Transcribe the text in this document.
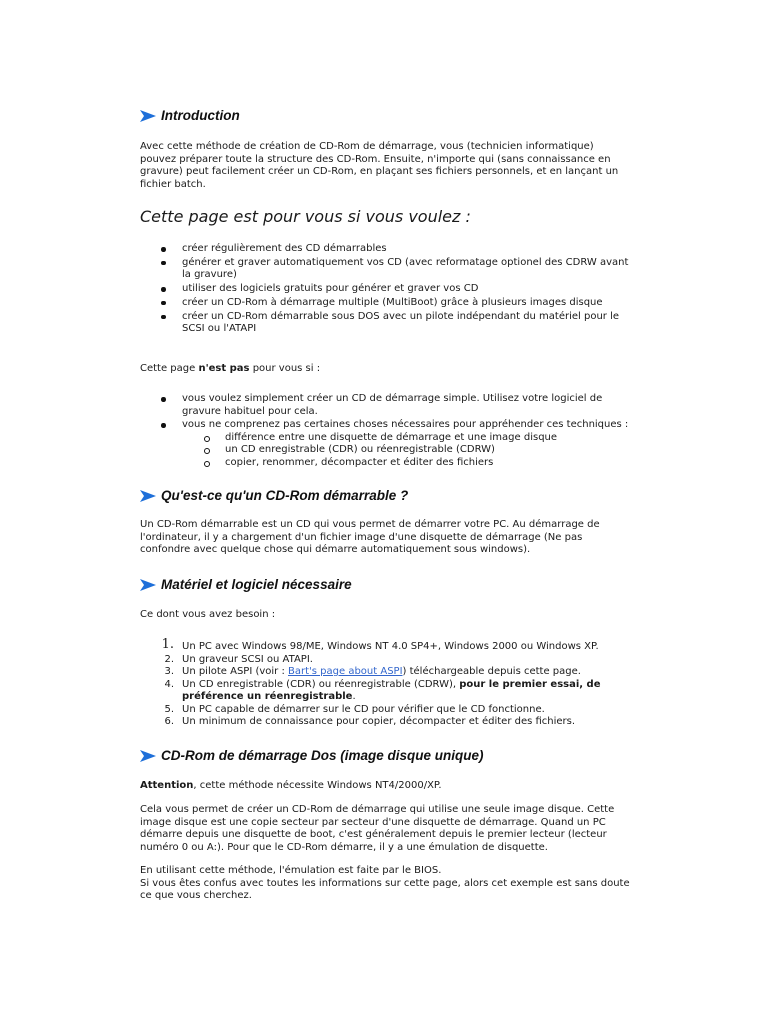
Introduction

Avec cette méthode de création de CD-Rom de démarrage, vous (technicien informatique) pouvez préparer toute la structure des CD-Rom. Ensuite, n'importe qui (sans connaissance en gravure) peut facilement créer un CD-Rom, en plaçant ses fichiers personnels, et en lançant un fichier batch.

Cette page est pour vous si vous voulez :
créer régulièrement des CD démarrables
générer et graver automatiquement vos CD (avec reformatage optionel des CDRW avant la gravure)
utiliser des logiciels gratuits pour générer et graver vos CD
créer un CD-Rom à démarrage multiple (MultiBoot) grâce à plusieurs images disque
créer un CD-Rom démarrable sous DOS avec un pilote indépendant du matériel pour le SCSI ou l'ATAPI

Cette page n'est pas pour vous si :

vous voulez simplement créer un CD de démarrage simple. Utilisez votre logiciel de gravure habituel pour cela.
vous ne comprenez pas certaines choses nécessaires pour appréhender ces techniques :
différence entre une disquette de démarrage et une image disque
un CD enregistrable (CDR) ou réenregistrable (CDRW)
copier, renommer, décompacter et éditer des fichiers
Qu'est-ce qu'un CD-Rom démarrable ?

Un CD-Rom démarrable est un CD qui vous permet de démarrer votre PC. Au démarrage de l'ordinateur, il y a chargement d'un fichier image d'une disquette de démarrage (Ne pas confondre avec quelque chose qui démarre automatiquement sous windows).

Matériel et logiciel nécessaire

Ce dont vous avez besoin :

1. Un PC avec Windows 98/ME, Windows NT 4.0 SP4+, Windows 2000 ou Windows XP.
2. Un graveur SCSI ou ATAPI.
3. Un pilote ASPI (voir : Bart's page about ASPI) téléchargeable depuis cette page.
4. Un CD enregistrable (CDR) ou réenregistrable (CDRW), pour le premier essai, de préférence un réenregistrable.
5. Un PC capable de démarrer sur le CD pour vérifier que le CD fonctionne.
6. Un minimum de connaissance pour copier, décompacter et éditer des fichiers.
CD-Rom de démarrage Dos (image disque unique)

Attention, cette méthode nécessite Windows NT4/2000/XP.

Cela vous permet de créer un CD-Rom de démarrage qui utilise une seule image disque. Cette image disque est une copie secteur par secteur d'une disquette de démarrage. Quand un PC démarre depuis une disquette de boot, c'est généralement depuis le premier lecteur (lecteur numéro 0 ou A:). Pour que le CD-Rom démarre, il y a une émulation de disquette.

En utilisant cette méthode, l'émulation est faite par le BIOS.
Si vous êtes confus avec toutes les informations sur cette page, alors cet exemple est sans doute ce que vous cherchez.
